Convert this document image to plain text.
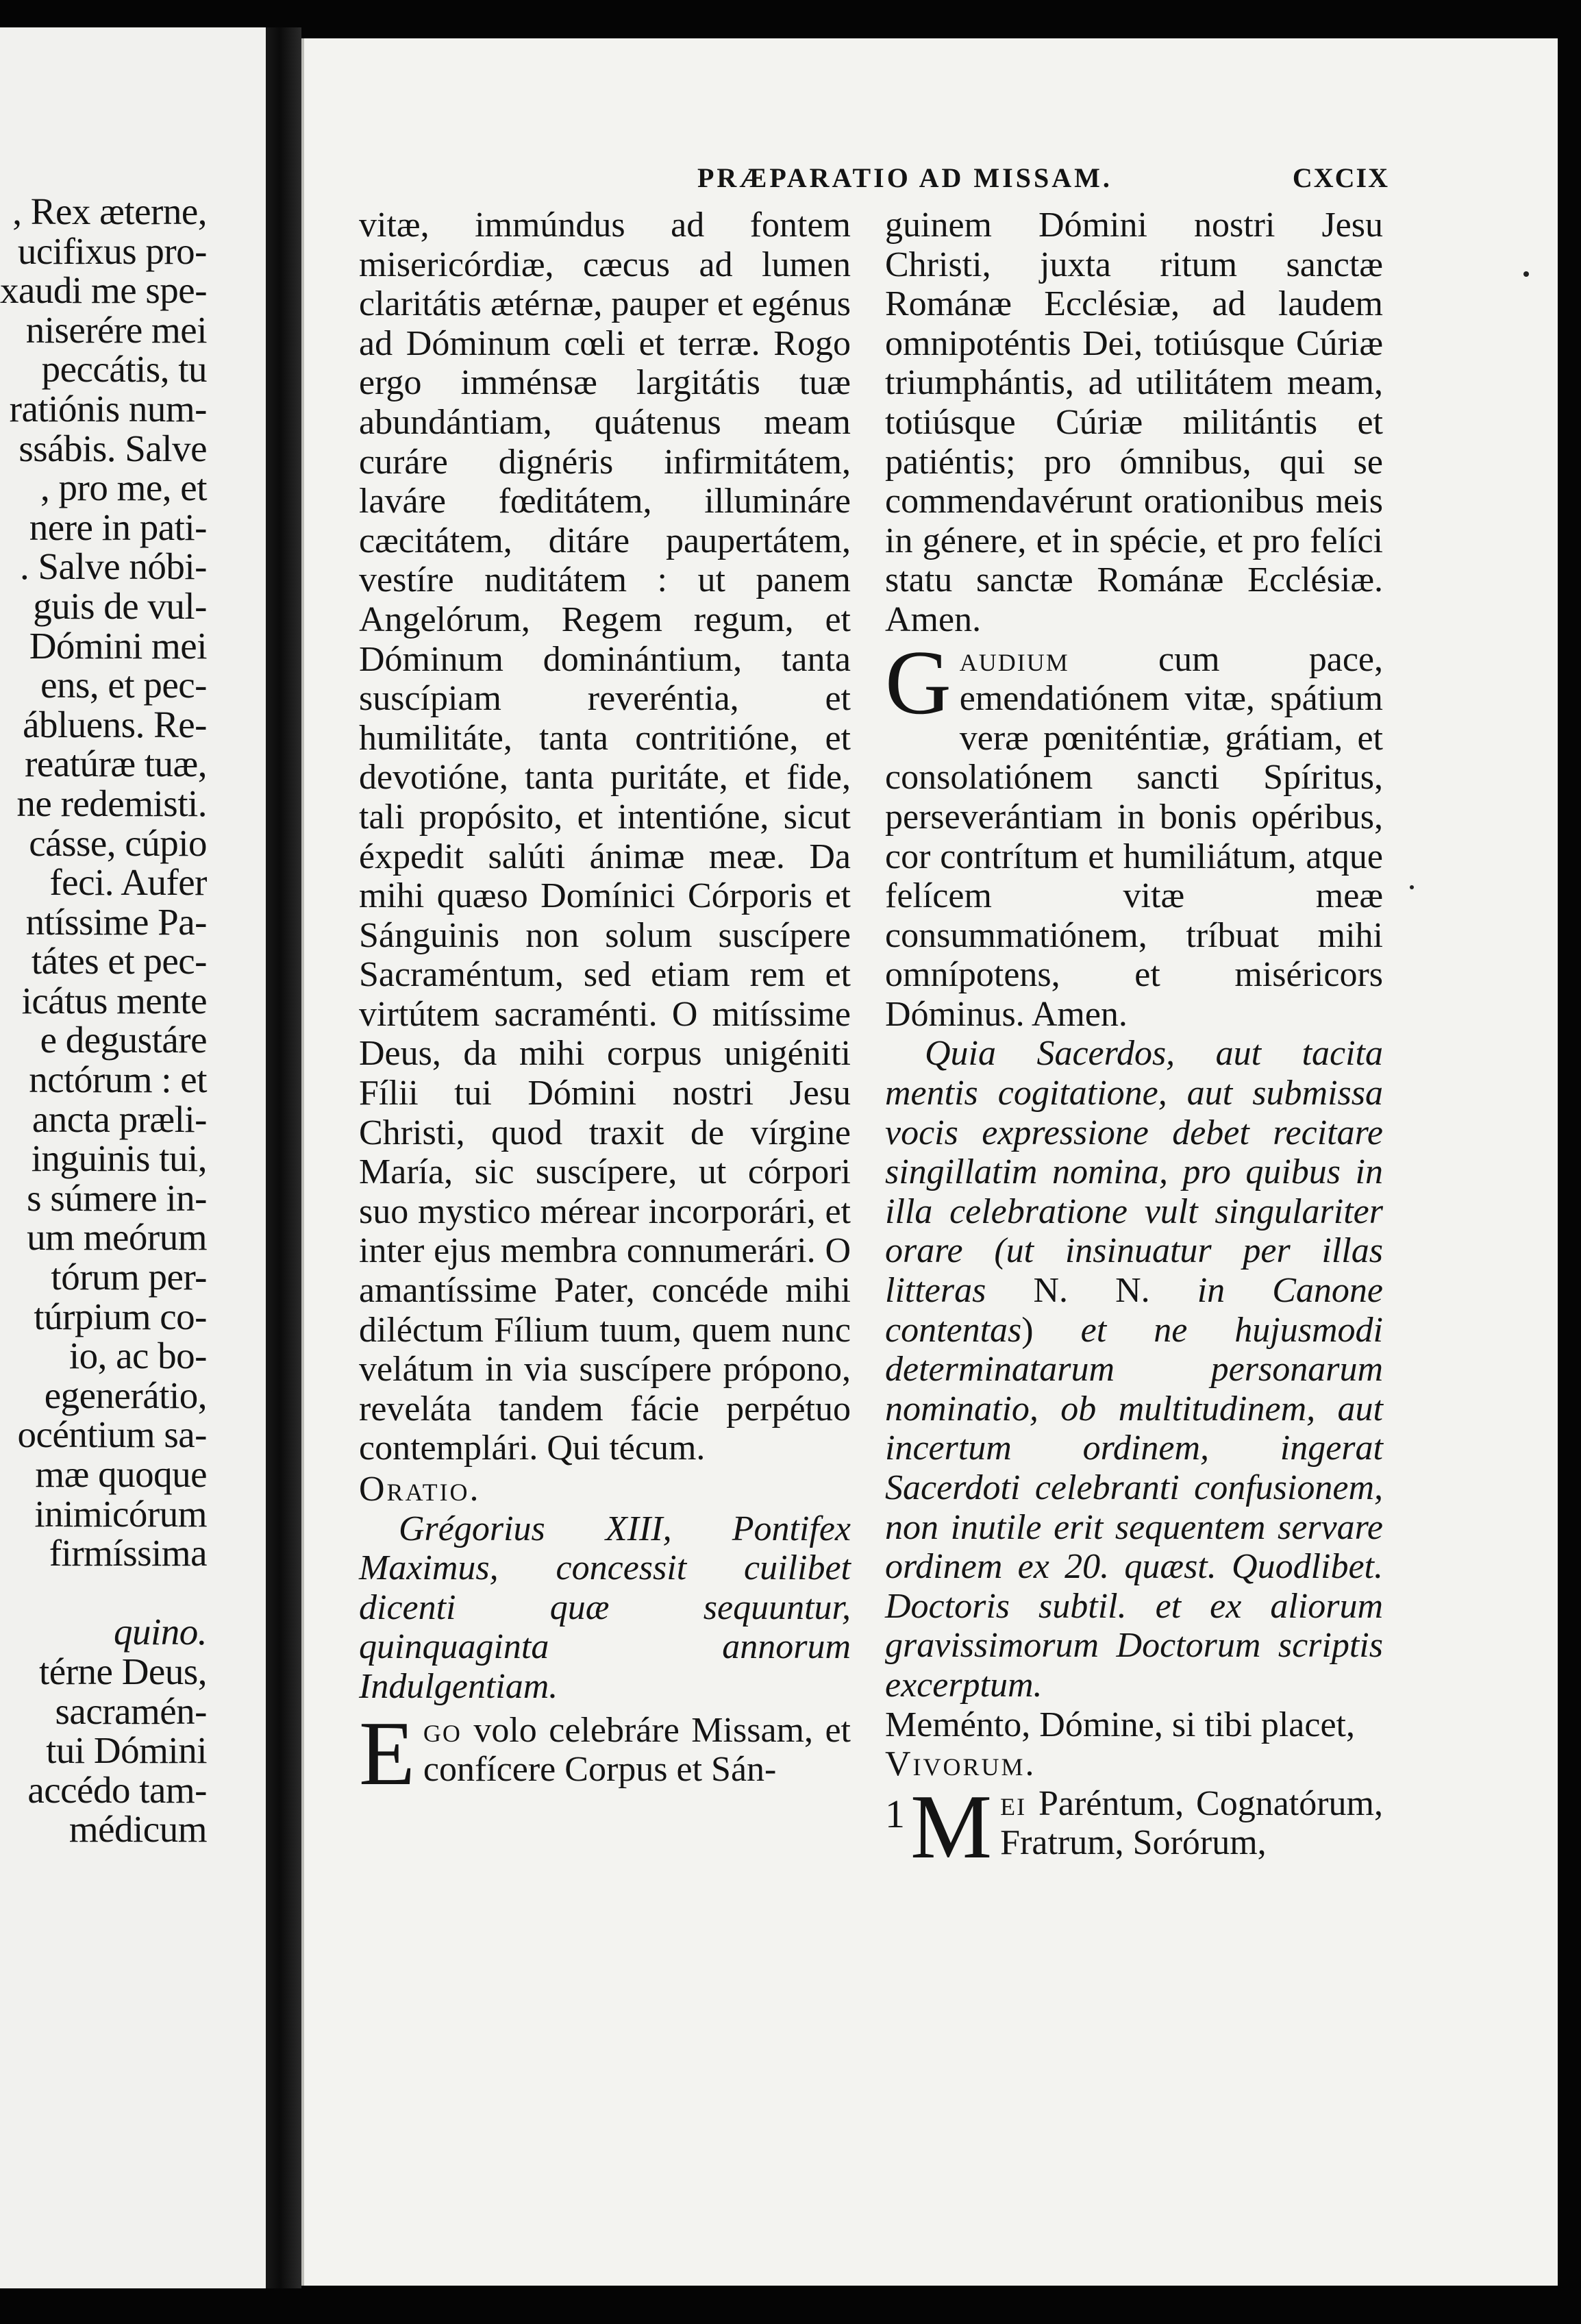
, Rex æterne,
ucifixus pro-
xaudi me spe-
niserére mei
peccátis, tu
ratiónis num-
ssábis. Salve
, pro me, et
nere in pati-
. Salve nóbi-
guis de vul-
Dómini mei
ens, et pec-
ábluens. Re-
reatúræ tuæ,
ne redemisti.
cásse, cúpio
feci. Aufer
ntíssime Pa-
tátes et pec-
icátus mente
e degustáre
nctórum : et
ancta præli-
inguinis tui,
s súmere in-
um meórum
tórum per-
túrpium co-
io, ac bo-
egenerátio,
océntium sa-
mæ quoque
inimicórum
firmíssima
quino.
térne Deus,
sacramén-
tui Dómini
accédo tam-
médicum
PRÆPARATIO AD MISSAM.	CXCIX

vitæ, immúndus ad fontem misericórdiæ, cæcus ad lumen claritátis ætérnæ, pauper et egénus ad Dóminum cœli et terræ. Rogo ergo imménsæ largitátis tuæ abundántiam, quátenus meam curáre dignéris infirmitátem, laváre fœditátem, illumináre cæcitátem, ditáre paupertátem, vestíre nuditátem : ut panem Angelórum, Regem regum, et Dóminum dominántium, tanta suscípiam reveréntia, et humilitáte, tanta contritióne, et devotióne, tanta puritáte, et fide, tali propósito, et intentióne, sicut éxpedit salúti ánimæ meæ. Da mihi quæso Domínici Córporis et Sánguinis non solum suscípere Sacraméntum, sed etiam rem et virtútem sacraménti. O mitíssime Deus, da mihi corpus unigéniti Fílii tui Dómini nostri Jesu Christi, quod traxit de vírgine María, sic suscípere, ut córpori suo mystico mérear incorporári, et inter ejus membra connumerári. O amantíssime Pater, concéde mihi diléctum Fílium tuum, quem nunc velátum in via suscípere própono, reveláta tandem fácie perpétuo contemplári. Qui técum.

Oratio.

Grégorius XIII, Pontifex Maximus, concessit cuilibet dicenti quæ sequuntur, quinquaginta annorum Indulgentiam.

Ego volo celebráre Missam, et confícere Corpus et Sán-

guinem Dómini nostri Jesu Christi, juxta ritum sanctæ Románæ Ecclésiæ, ad laudem omnipoténtis Dei, totiúsque Cúriæ triumphántis, ad utilitátem meam, totiúsque Cúriæ militántis et patiéntis; pro ómnibus, qui se commendavérunt orationibus meis in génere, et in spécie, et pro felíci statu sanctæ Románæ Ecclésiæ. Amen.

Gaudium cum pace, emendatiónem vitæ, spátium veræ pœniténtiæ, grátiam, et consolatiónem sancti Spíritus, perseverántiam in bonis opéribus, cor contrítum et humiliátum, atque felícem vitæ meæ consummatiónem, tríbuat mihi omnípotens, et miséricors Dóminus. Amen.

Quia Sacerdos, aut tacita mentis cogitatione, aut submissa vocis expressione debet recitare singillatim nomina, pro quibus in illa celebratione vult singulariter orare (ut insinuatur per illas litteras N. N. in Canone contentas) et ne hujusmodi determinatarum personarum nominatio, ob multitudinem, aut incertum ordinem, ingerat Sacerdoti celebranti confusionem, non inutile erit sequentem servare ordinem ex 20. quæst. Quodlibet. Doctoris subtil. et ex aliorum gravissimorum Doctorum scriptis excerptum.

Meménto, Dómine, si tibi placet,

Vivorum.

1 M ei Paréntum, Cognatórum, Fratrum, Sorórum,
